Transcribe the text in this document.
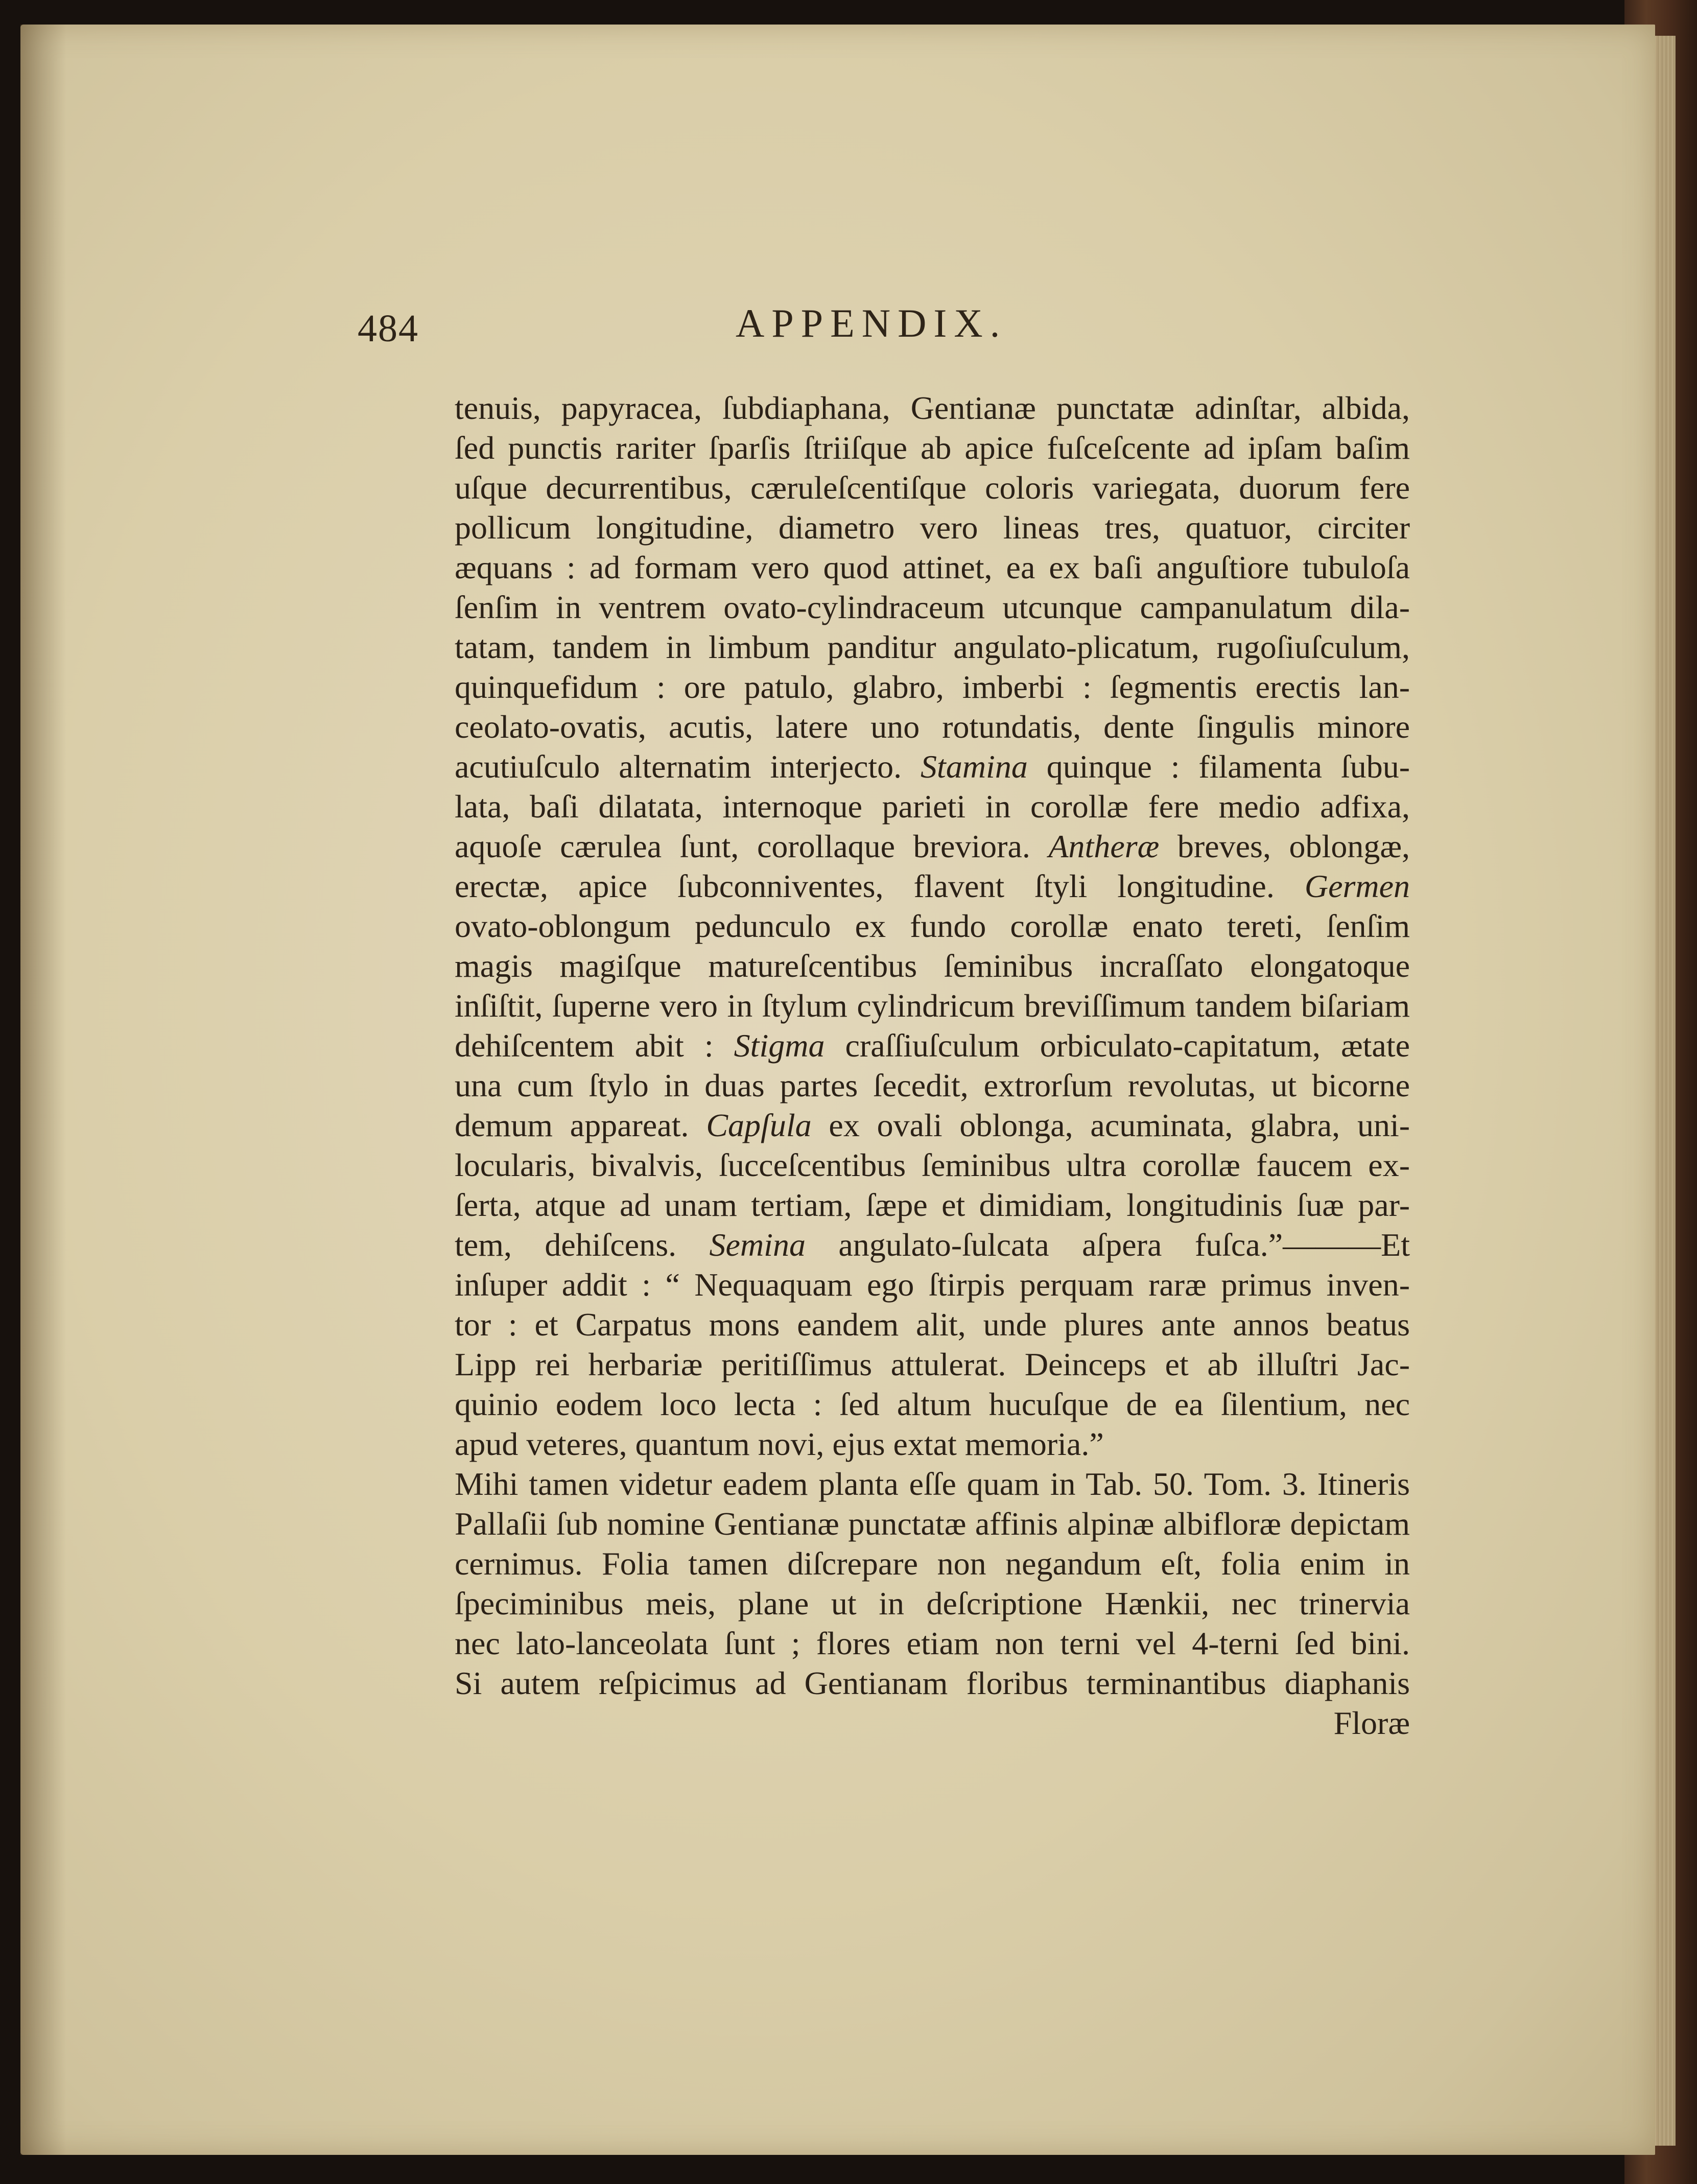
484	APPENDIX.
tenuis, papyracea, ſubdiaphana, Gentianæ punctatæ adinſtar, albida,
ſed punctis rariter ſparſis ſtriiſque ab apice fuſceſcente ad ipſam baſim
uſque decurrentibus, cæruleſcentiſque coloris variegata, duorum fere
pollicum longitudine, diametro vero lineas tres, quatuor, circiter
æquans : ad formam vero quod attinet, ea ex baſi anguſtiore tubuloſa
ſenſim in ventrem ovato-cylindraceum utcunque campanulatum dila-
tatam, tandem in limbum panditur angulato-plicatum, rugoſiuſculum,
quinquefidum : ore patulo, glabro, imberbi : ſegmentis erectis lan-
ceolato-ovatis, acutis, latere uno rotundatis, dente ſingulis minore
acutiuſculo alternatim interjecto. Stamina quinque : filamenta ſubu-
lata, baſi dilatata, internoque parieti in corollæ fere medio adfixa,
aquoſe cærulea ſunt, corollaque breviora. Antheræ breves, oblongæ,
erectæ, apice ſubconniventes, flavent ſtyli longitudine. Germen
ovato-oblongum pedunculo ex fundo corollæ enato tereti, ſenſim
magis magiſque matureſcentibus ſeminibus incraſſato elongatoque
inſiſtit, ſuperne vero in ſtylum cylindricum breviſſimum tandem biſariam
dehiſcentem abit : Stigma craſſiuſculum orbiculato-capitatum, ætate
una cum ſtylo in duas partes ſecedit, extrorſum revolutas, ut bicorne
demum appareat. Capſula ex ovali oblonga, acuminata, glabra, uni-
locularis, bivalvis, ſucceſcentibus ſeminibus ultra corollæ faucem ex-
ſerta, atque ad unam tertiam, ſæpe et dimidiam, longitudinis ſuæ par-
tem, dehiſcens. Semina angulato-ſulcata aſpera fuſca.”———Et
inſuper addit : “ Nequaquam ego ſtirpis perquam raræ primus inven-
tor : et Carpatus mons eandem alit, unde plures ante annos beatus
Lipp rei herbariæ peritiſſimus attulerat. Deinceps et ab illuſtri Jac-
quinio eodem loco lecta : ſed altum hucuſque de ea ſilentium, nec
apud veteres, quantum novi, ejus extat memoria.”
Mihi tamen videtur eadem planta eſſe quam in Tab. 50. Tom. 3. Itineris
Pallaſii ſub nomine Gentianæ punctatæ affinis alpinæ albifloræ depictam
cernimus. Folia tamen diſcrepare non negandum eſt, folia enim in
ſpeciminibus meis, plane ut in deſcriptione Hænkii, nec trinervia
nec lato-lanceolata ſunt ; flores etiam non terni vel 4-terni ſed bini.
Si autem reſpicimus ad Gentianam floribus terminantibus diaphanis
Floræ
